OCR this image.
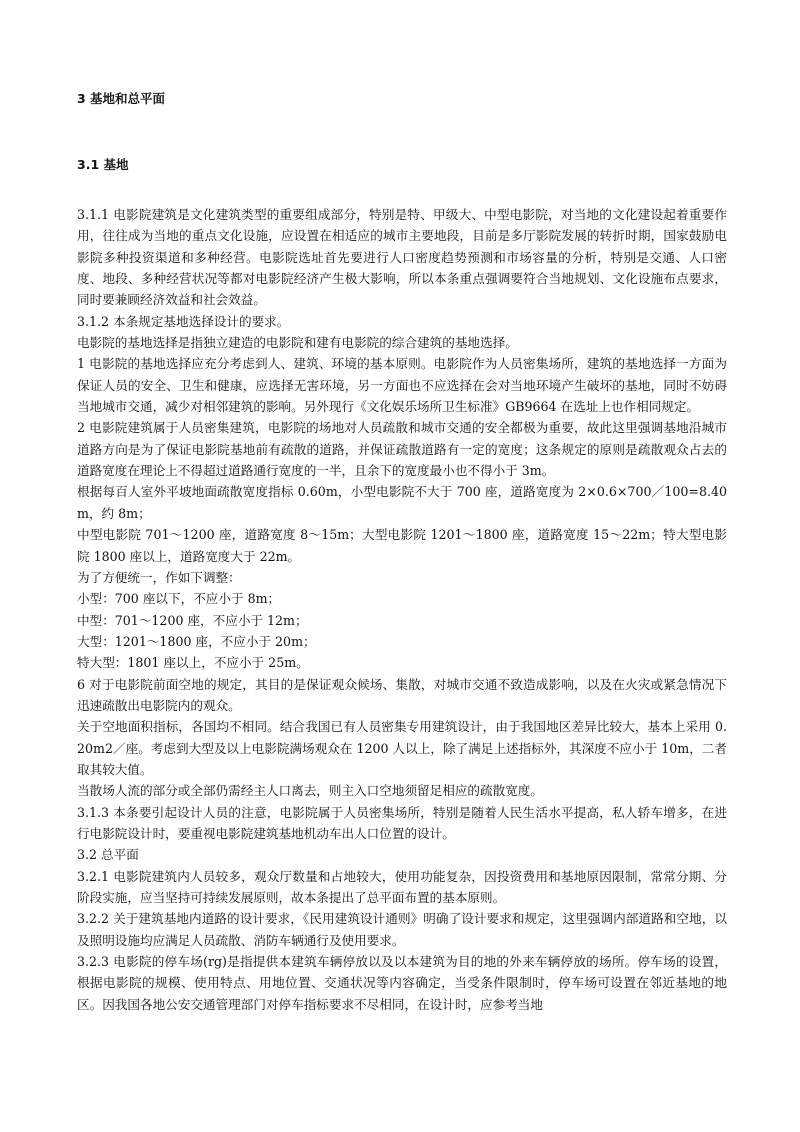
3 基地和总平面
3.1 基地

3.1.1 电影院建筑是文化建筑类型的重要组成部分，特别是特、甲级大、中型电影院，对当地的文化建设起着重要作用，往往成为当地的重点文化设施，应设置在相适应的城市主要地段，目前是多厅影院发展的转折时期，国家鼓励电影院多种投资渠道和多种经营。电影院选址首先要进行人口密度趋势预测和市场容量的分析，特别是交通、人口密度、地段、多种经营状况等都对电影院经济产生极大影响，所以本条重点强调要符合当地规划、文化设施布点要求，同时要兼顾经济效益和社会效益。

3.1.2 本条规定基地选择设计的要求。

电影院的基地选择是指独立建造的电影院和建有电影院的综合建筑的基地选择。

1 电影院的基地选择应充分考虑到人、建筑、环境的基本原则。电影院作为人员密集场所，建筑的基地选择一方面为保证人员的安全、卫生和健康，应选择无害环境，另一方面也不应选择在会对当地环境产生破坏的基地，同时不妨碍当地城市交通，减少对相邻建筑的影响。另外现行《文化娱乐场所卫生标准》GB9664 在选址上也作相同规定。

2 电影院建筑属于人员密集建筑，电影院的场地对人员疏散和城市交通的安全都极为重要，故此这里强调基地沿城市道路方向是为了保证电影院基地前有疏散的道路，并保证疏散道路有一定的宽度；这条规定的原则是疏散观众占去的道路宽度在理论上不得超过道路通行宽度的一半，且余下的宽度最小也不得小于 3m。

根据每百人室外平坡地面疏散宽度指标 0.60m，小型电影院不大于 700 座，道路宽度为 2×0.6×700／100=8.40m，约 8m；

中型电影院 701～1200 座，道路宽度 8～15m；大型电影院 1201～1800 座，道路宽度 15～22m；特大型电影院 1800 座以上，道路宽度大于 22m。

为了方便统一，作如下调整：

小型：700 座以下，不应小于 8m；

中型：701～1200 座，不应小于 12m；

大型：1201～1800 座，不应小于 20m；

特大型：1801 座以上，不应小于 25m。

6 对于电影院前面空地的规定，其目的是保证观众候场、集散，对城市交通不致造成影响，以及在火灾或紧急情况下迅速疏散出电影院内的观众。

关于空地面积指标，各国均不相同。结合我国已有人员密集专用建筑设计，由于我国地区差异比较大，基本上采用 0.20m2／座。考虑到大型及以上电影院满场观众在 1200 人以上，除了满足上述指标外，其深度不应小于 10m，二者取其较大值。

当散场人流的部分或全部仍需经主人口离去，则主入口空地须留足相应的疏散宽度。

3.1.3 本条要引起设计人员的注意，电影院属于人员密集场所，特别是随着人民生活水平提高，私人轿车增多，在进行电影院设计时，要重视电影院建筑基地机动车出人口位置的设计。

3.2 总平面

3.2.1 电影院建筑内人员较多，观众厅数量和占地较大，使用功能复杂，因投资费用和基地原因限制，常常分期、分阶段实施，应当坚持可持续发展原则，故本条提出了总平面布置的基本原则。

3.2.2 关于建筑基地内道路的设计要求，《民用建筑设计通则》明确了设计要求和规定，这里强调内部道路和空地，以及照明设施均应满足人员疏散、消防车辆通行及使用要求。

3.2.3 电影院的停车场(rg)是指提供本建筑车辆停放以及以本建筑为目的地的外来车辆停放的场所。停车场的设置，根据电影院的规模、使用特点、用地位置、交通状况等内容确定，当受条件限制时，停车场可设置在邻近基地的地区。因我国各地公安交通管理部门对停车指标要求不尽相同，在设计时，应参考当地
